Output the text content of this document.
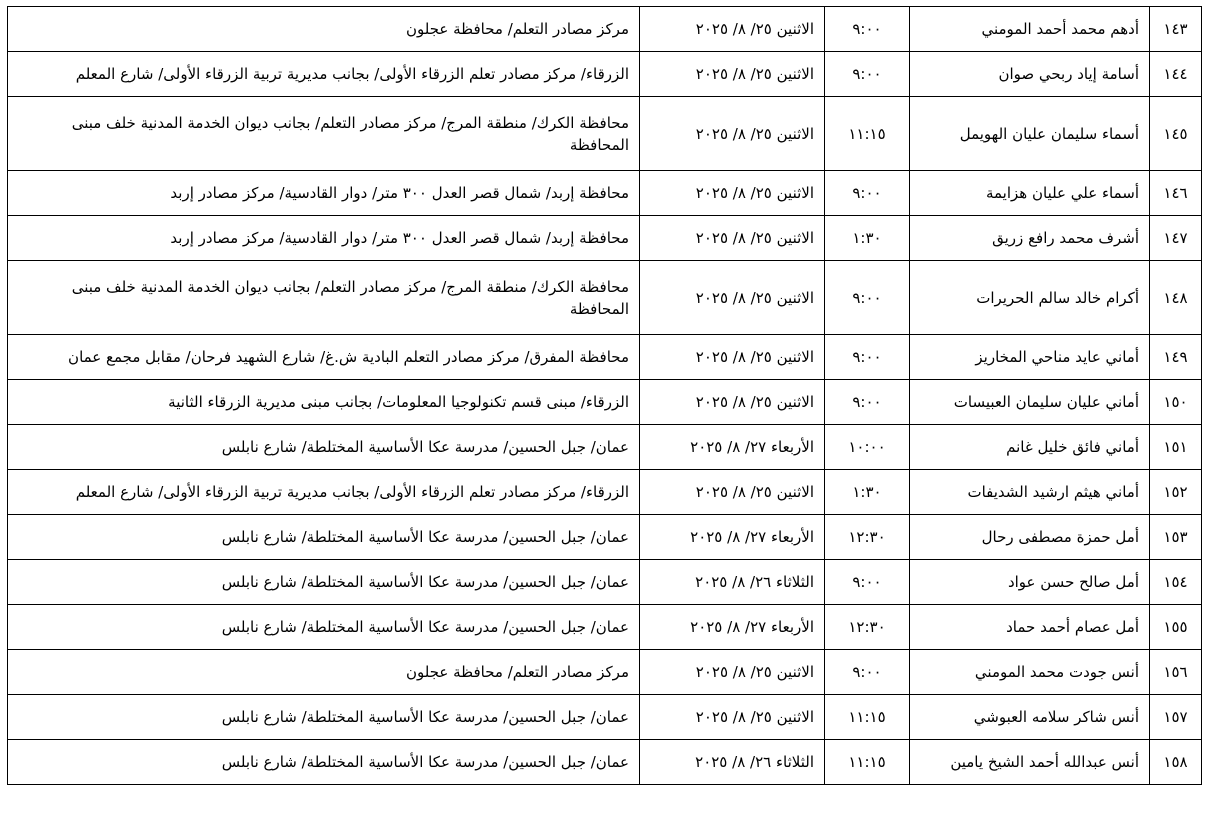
١٤٣	أدهم محمد أحمد المومني	٩:٠٠	الاثنين ٢٥/ ٨/ ٢٠٢٥	مركز مصادر التعلم/ محافظة عجلون
١٤٤	أسامة إياد ربحي صوان	٩:٠٠	الاثنين ٢٥/ ٨/ ٢٠٢٥	الزرقاء/ مركز مصادر تعلم الزرقاء الأولى/ بجانب مديرية تربية الزرقاء الأولى/ شارع المعلم
١٤٥	أسماء سليمان عليان الهويمل	١١:١٥	الاثنين ٢٥/ ٨/ ٢٠٢٥	محافظة الكرك/ منطقة المرج/ مركز مصادر التعلم/ بجانب ديوان الخدمة المدنية خلف مبنى المحافظة
١٤٦	أسماء علي عليان هزايمة	٩:٠٠	الاثنين ٢٥/ ٨/ ٢٠٢٥	محافظة إربد/ شمال قصر العدل ٣٠٠ متر/ دوار القادسية/ مركز مصادر إربد
١٤٧	أشرف محمد رافع زريق	١:٣٠	الاثنين ٢٥/ ٨/ ٢٠٢٥	محافظة إربد/ شمال قصر العدل ٣٠٠ متر/ دوار القادسية/ مركز مصادر إربد
١٤٨	أكرام خالد سالم الحريرات	٩:٠٠	الاثنين ٢٥/ ٨/ ٢٠٢٥	محافظة الكرك/ منطقة المرج/ مركز مصادر التعلم/ بجانب ديوان الخدمة المدنية خلف مبنى المحافظة
١٤٩	أماني عايد مناحي المخاريز	٩:٠٠	الاثنين ٢٥/ ٨/ ٢٠٢٥	محافظة المفرق/ مركز مصادر التعلم البادية ش.غ/ شارع الشهيد فرحان/ مقابل مجمع عمان
١٥٠	أماني عليان سليمان العبيسات	٩:٠٠	الاثنين ٢٥/ ٨/ ٢٠٢٥	الزرقاء/ مبنى قسم تكنولوجيا المعلومات/ بجانب مبنى مديرية الزرقاء الثانية
١٥١	أماني فائق خليل غانم	١٠:٠٠	الأربعاء ٢٧/ ٨/ ٢٠٢٥	عمان/ جبل الحسين/ مدرسة عكا الأساسية المختلطة/ شارع نابلس
١٥٢	أماني هيثم ارشيد الشديفات	١:٣٠	الاثنين ٢٥/ ٨/ ٢٠٢٥	الزرقاء/ مركز مصادر تعلم الزرقاء الأولى/ بجانب مديرية تربية الزرقاء الأولى/ شارع المعلم
١٥٣	أمل حمزة مصطفى رحال	١٢:٣٠	الأربعاء ٢٧/ ٨/ ٢٠٢٥	عمان/ جبل الحسين/ مدرسة عكا الأساسية المختلطة/ شارع نابلس
١٥٤	أمل صالح حسن عواد	٩:٠٠	الثلاثاء ٢٦/ ٨/ ٢٠٢٥	عمان/ جبل الحسين/ مدرسة عكا الأساسية المختلطة/ شارع نابلس
١٥٥	أمل عصام أحمد حماد	١٢:٣٠	الأربعاء ٢٧/ ٨/ ٢٠٢٥	عمان/ جبل الحسين/ مدرسة عكا الأساسية المختلطة/ شارع نابلس
١٥٦	أنس جودت محمد المومني	٩:٠٠	الاثنين ٢٥/ ٨/ ٢٠٢٥	مركز مصادر التعلم/ محافظة عجلون
١٥٧	أنس شاكر سلامه العبوشي	١١:١٥	الاثنين ٢٥/ ٨/ ٢٠٢٥	عمان/ جبل الحسين/ مدرسة عكا الأساسية المختلطة/ شارع نابلس
١٥٨	أنس عبدالله أحمد الشيخ يامين	١١:١٥	الثلاثاء ٢٦/ ٨/ ٢٠٢٥	عمان/ جبل الحسين/ مدرسة عكا الأساسية المختلطة/ شارع نابلس
